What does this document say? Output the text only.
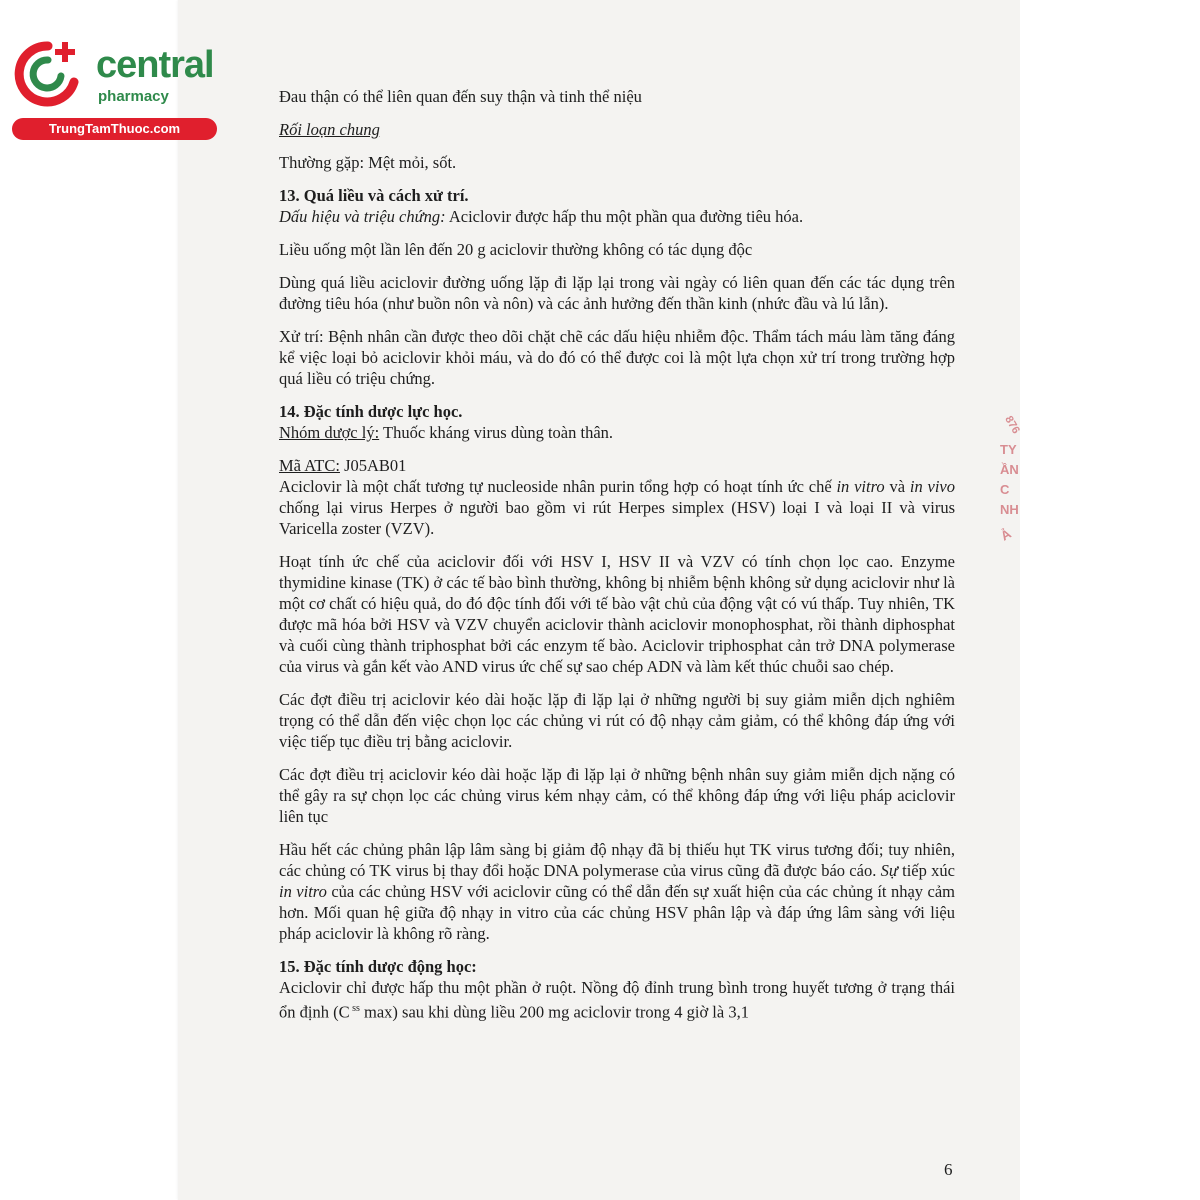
central
pharmacy
TrungTamThuoc.com

Đau thận có thể liên quan đến suy thận và tinh thể niệu

Rối loạn chung

Thường gặp: Mệt mỏi, sốt.

13. Quá liều và cách xử trí.

Dấu hiệu và triệu chứng: Aciclovir được hấp thu một phần qua đường tiêu hóa.

Liều uống một lần lên đến 20 g aciclovir thường không có tác dụng độc

Dùng quá liều aciclovir đường uống lặp đi lặp lại trong vài ngày có liên quan đến các tác dụng trên đường tiêu hóa (như buồn nôn và nôn) và các ảnh hưởng đến thần kinh (nhức đầu và lú lẫn).

Xử trí: Bệnh nhân cần được theo dõi chặt chẽ các dấu hiệu nhiễm độc. Thẩm tách máu làm tăng đáng kể việc loại bỏ aciclovir khỏi máu, và do đó có thể được coi là một lựa chọn xử trí trong trường hợp quá liều có triệu chứng.

14. Đặc tính dược lực học.

Nhóm dược lý: Thuốc kháng virus dùng toàn thân.

Mã ATC: J05AB01

Aciclovir là một chất tương tự nucleoside nhân purin tổng hợp có hoạt tính ức chế in vitro và in vivo chống lại virus Herpes ở người bao gồm vi rút Herpes simplex (HSV) loại I và loại II và virus Varicella zoster (VZV).

Hoạt tính ức chế của aciclovir đối với HSV I, HSV II và VZV có tính chọn lọc cao. Enzyme thymidine kinase (TK) ở các tế bào bình thường, không bị nhiễm bệnh không sử dụng aciclovir như là một cơ chất có hiệu quả, do đó độc tính đối với tế bào vật chủ của động vật có vú thấp. Tuy nhiên, TK được mã hóa bởi HSV và VZV chuyển aciclovir thành aciclovir monophosphat, rồi thành diphosphat và cuối cùng thành triphosphat bởi các enzym tế bào. Aciclovir triphosphat cản trở DNA polymerase của virus và gắn kết vào AND virus ức chế sự sao chép ADN và làm kết thúc chuỗi sao chép.

Các đợt điều trị aciclovir kéo dài hoặc lặp đi lặp lại ở những người bị suy giảm miễn dịch nghiêm trọng có thể dẫn đến việc chọn lọc các chủng vi rút có độ nhạy cảm giảm, có thể không đáp ứng với việc tiếp tục điều trị bằng aciclovir.

Các đợt điều trị aciclovir kéo dài hoặc lặp đi lặp lại ở những bệnh nhân suy giảm miễn dịch nặng có thể gây ra sự chọn lọc các chủng virus kém nhạy cảm, có thể không đáp ứng với liệu pháp aciclovir liên tục

Hầu hết các chủng phân lập lâm sàng bị giảm độ nhạy đã bị thiếu hụt TK virus tương đối; tuy nhiên, các chủng có TK virus bị thay đổi hoặc DNA polymerase của virus cũng đã được báo cáo. Sự tiếp xúc in vitro của các chủng HSV với aciclovir cũng có thể dẫn đến sự xuất hiện của các chủng ít nhạy cảm hơn. Mối quan hệ giữa độ nhạy in vitro của các chủng HSV phân lập và đáp ứng lâm sàng với liệu pháp aciclovir là không rõ ràng.

15. Đặc tính dược động học:

Aciclovir chỉ được hấp thu một phần ở ruột. Nồng độ đỉnh trung bình trong huyết tương ở trạng thái ổn định (C $^{ss}$ max) sau khi dùng liều 200 mg aciclovir trong 4 giờ là 3,1

6
876
TY
ẦN
C
NH
Ả
